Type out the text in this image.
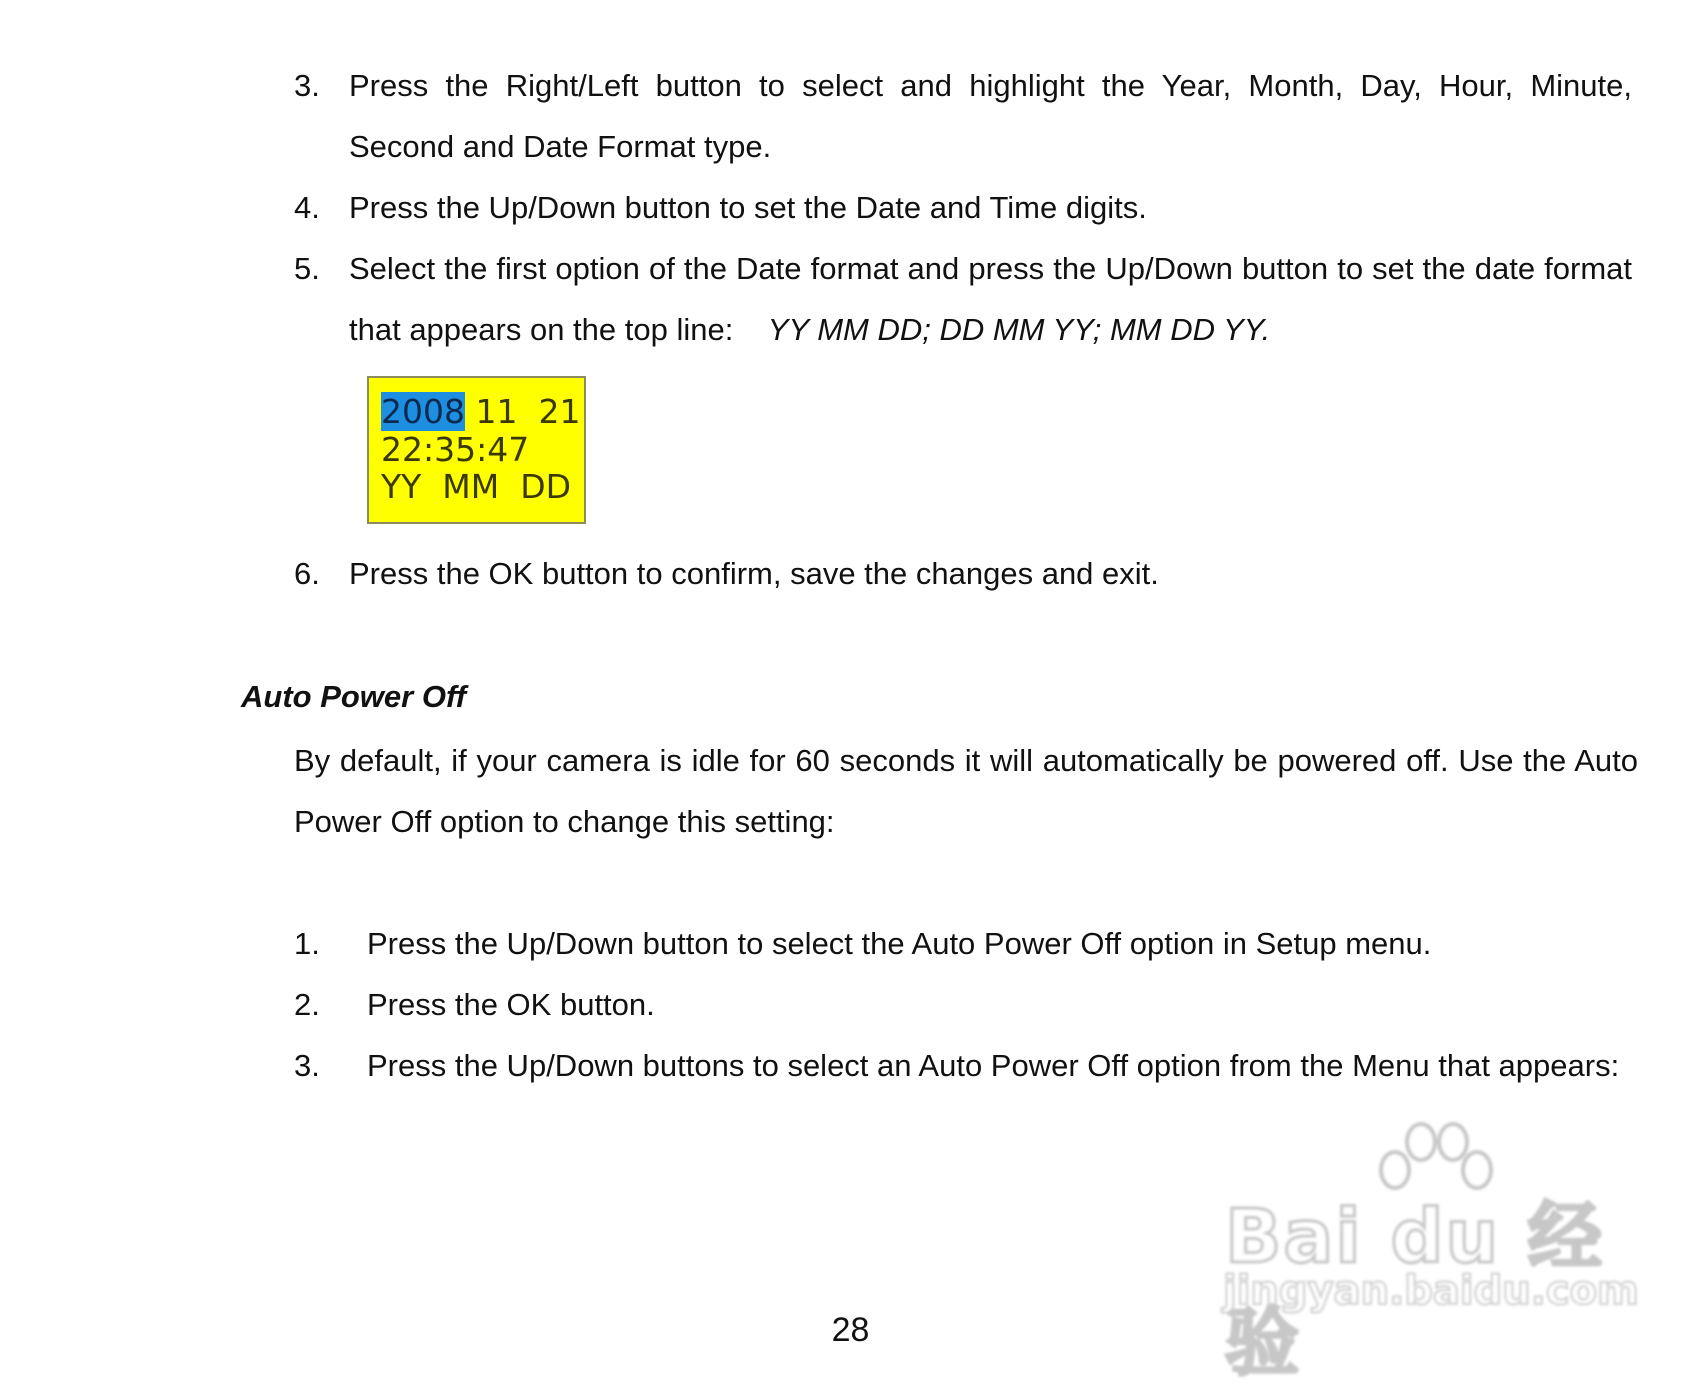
3. Press the Right/Left button to select and highlight the Year, Month, Day, Hour, Minute, Second and Date Format type.
4. Press the Up/Down button to set the Date and Time digits.
5. Select the first option of the Date format and press the Up/Down button to set the date format that appears on the top line: YY MM DD; DD MM YY; MM DD YY.
2008 11  21
22:35:47
YY  MM  DD
6. Press the OK button to confirm, save the changes and exit.
Auto Power Off
By default, if your camera is idle for 60 seconds it will automatically be powered off. Use the Auto Power Off option to change this setting:
1. Press the Up/Down button to select the Auto Power Off option in Setup menu.
2. Press the OK button.
3. Press the Up/Down buttons to select an Auto Power Off option from the Menu that appears:
Bai du 经验
jingyan.baidu.com
28
